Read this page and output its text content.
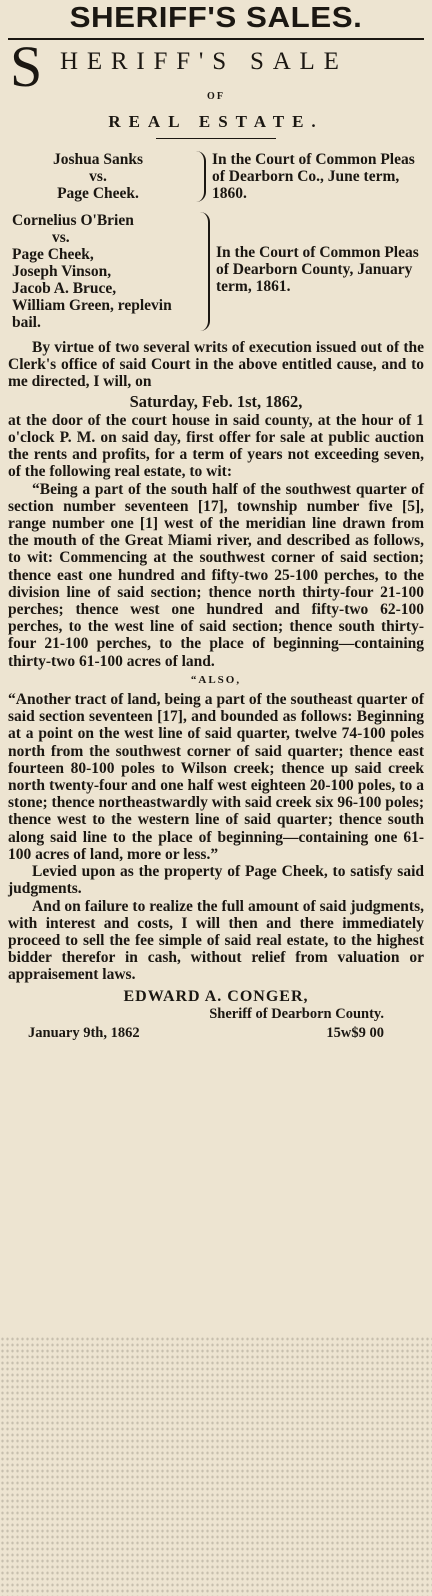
SHERIFF'S SALES.
S HERIFF'S SALE
OF
REAL ESTATE.
Joshua Sanks
vs.
Page Cheek.
In the Court of Common Pleas of Dearborn Co., June term, 1860.
Cornelius O'Brien
vs.
Page Cheek,
Joseph Vinson,
Jacob A. Bruce,
William Green, replevin bail.
In the Court of Common Pleas of Dearborn County, January term, 1861.

By virtue of two several writs of execution issued out of the Clerk's office of said Court in the above entitled cause, and to me directed, I will, on

Saturday, Feb. 1st, 1862,

at the door of the court house in said county, at the hour of 1 o'clock P. M. on said day, first offer for sale at public auction the rents and profits, for a term of years not exceeding seven, of the following real estate, to wit:

“Being a part of the south half of the southwest quarter of section number seventeen [17], township number five [5], range number one [1] west of the meridian line drawn from the mouth of the Great Miami river, and described as follows, to wit: Commencing at the southwest corner of said section; thence east one hundred and fifty-two 25-100 perches, to the division line of said section; thence north thirty-four 21-100 perches; thence west one hundred and fifty-two 62-100 perches, to the west line of said section; thence south thirty-four 21-100 perches, to the place of beginning—containing thirty-two 61-100 acres of land.

“ALSO,

“Another tract of land, being a part of the southeast quarter of said section seventeen [17], and bounded as follows: Beginning at a point on the west line of said quarter, twelve 74-100 poles north from the southwest corner of said quarter; thence east fourteen 80-100 poles to Wilson creek; thence up said creek north twenty-four and one half west eighteen 20-100 poles, to a stone; thence northeastwardly with said creek six 96-100 poles; thence west to the western line of said quarter; thence south along said line to the place of beginning—containing one 61-100 acres of land, more or less.”

Levied upon as the property of Page Cheek, to satisfy said judgments.

And on failure to realize the full amount of said judgments, with interest and costs, I will then and there immediately proceed to sell the fee simple of said real estate, to the highest bidder therefor in cash, without relief from valuation or appraisement laws.

EDWARD A. CONGER,
Sheriff of Dearborn County.
January 9th, 1862	15w$9 00
